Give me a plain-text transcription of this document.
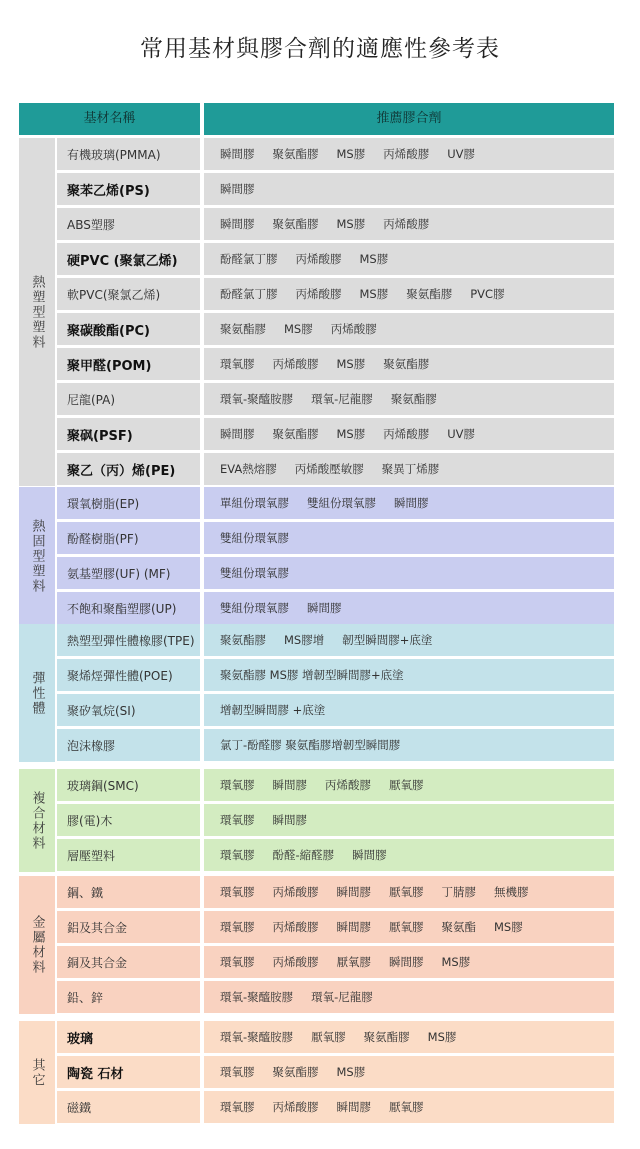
常用基材與膠合劑的適應性參考表
基材名稱	推薦膠合劑
熱塑型塑料
有機玻璃(PMMA)	瞬間膠 聚氨酯膠 MS膠 丙烯酸膠 UV膠
聚苯乙烯(PS)	瞬間膠
ABS塑膠	瞬間膠 聚氨酯膠 MS膠 丙烯酸膠
硬PVC (聚氯乙烯)	酚醛氯丁膠 丙烯酸膠 MS膠
軟PVC(聚氯乙烯)	酚醛氯丁膠 丙烯酸膠 MS膠 聚氨酯膠 PVC膠
聚碳酸酯(PC)	聚氨酯膠 MS膠 丙烯酸膠
聚甲醛(POM)	環氧膠 丙烯酸膠 MS膠 聚氨酯膠
尼龍(PA)	環氧-聚醯胺膠 環氧-尼龍膠 聚氨酯膠
聚砜(PSF)	瞬間膠 聚氨酯膠 MS膠 丙烯酸膠 UV膠
聚乙（丙）烯(PE)	EVA熱熔膠 丙烯酸壓敏膠 聚異丁烯膠
熱固型塑料
環氧樹脂(EP)	單組份環氧膠 雙組份環氧膠 瞬間膠
酚醛樹脂(PF)	雙組份環氧膠
氨基塑膠(UF) (MF)	雙組份環氧膠
不飽和聚酯塑膠(UP)	雙組份環氧膠 瞬間膠
彈性體
熱塑型彈性體橡膠(TPE)	聚氨酯膠 MS膠增 韌型瞬間膠+底塗
聚烯烴彈性體(POE)	聚氨酯膠 MS膠 增韌型瞬間膠+底塗
聚矽氧烷(SI)	增韌型瞬間膠 +底塗
泡沫橡膠	氯丁-酚醛膠 聚氨酯膠增韌型瞬間膠
複合材料
玻璃鋼(SMC)	環氧膠 瞬間膠 丙烯酸膠 厭氧膠
膠(電)木	環氧膠 瞬間膠
層壓塑料	環氧膠 酚醛-縮醛膠 瞬間膠
金屬材料
鋼、鐵	環氧膠 丙烯酸膠 瞬間膠 厭氧膠 丁腈膠 無機膠
鋁及其合金	環氧膠 丙烯酸膠 瞬間膠 厭氧膠 聚氨酯 MS膠
銅及其合金	環氧膠 丙烯酸膠 厭氧膠 瞬間膠 MS膠
鉛、鋅	環氧-聚醯胺膠 環氧-尼龍膠
其它
玻璃	環氧-聚醯胺膠 厭氧膠 聚氨酯膠 MS膠
陶瓷 石材	環氧膠 聚氨酯膠 MS膠
磁鐵	環氧膠 丙烯酸膠 瞬間膠 厭氧膠
